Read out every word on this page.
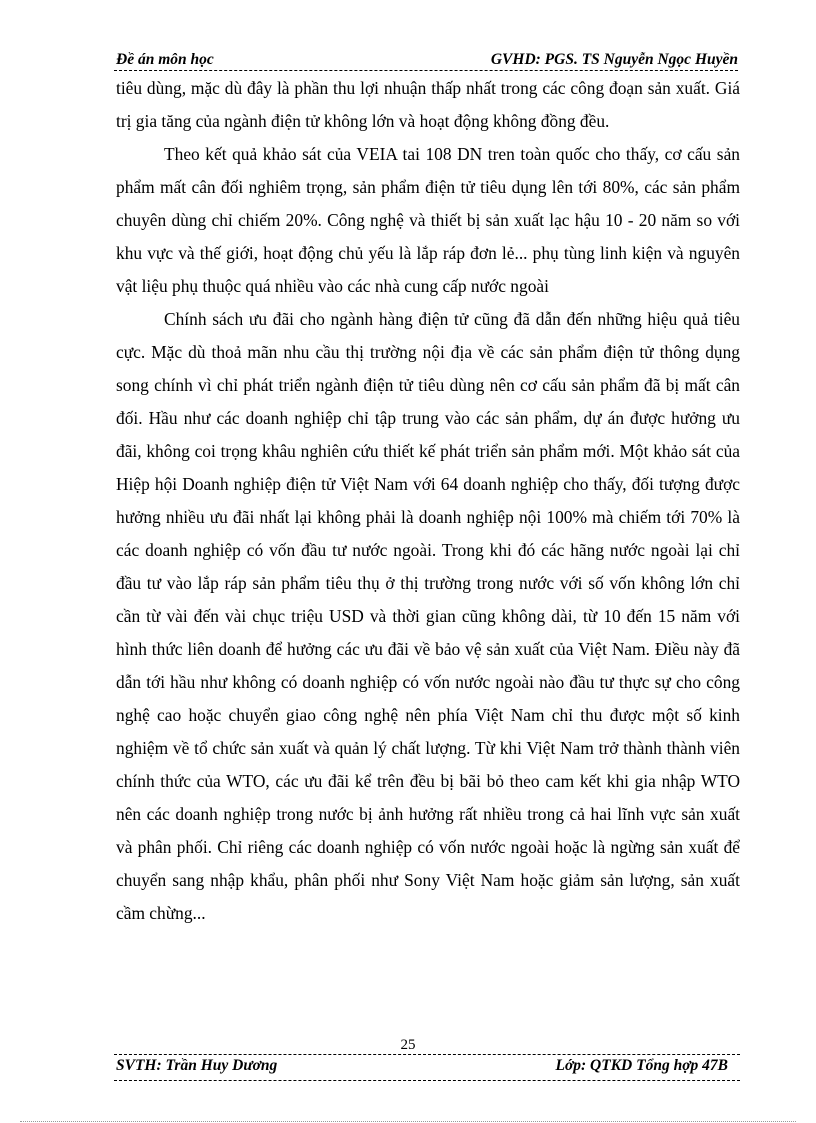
Đề án môn học	GVHD: PGS. TS Nguyễn Ngọc Huyền

tiêu dùng, mặc dù đây là phần thu lợi nhuận thấp nhất trong các công đoạn sản xuất. Giá trị gia tăng của ngành điện tử không lớn và hoạt động không đồng đều.

Theo kết quả khảo sát của VEIA tai 108 DN tren toàn quốc cho thấy, cơ cấu sản phẩm mất cân đối nghiêm trọng, sản phẩm điện tử tiêu dụng lên tới 80%, các sản phẩm chuyên dùng chỉ chiếm 20%. Công nghệ và thiết bị sản xuất lạc hậu 10 - 20 năm so với khu vực và thế giới, hoạt động chủ yếu là lắp ráp đơn lẻ... phụ tùng linh kiện và nguyên vật liệu phụ thuộc quá nhiều vào các nhà cung cấp nước ngoài

Chính sách ưu đãi cho ngành hàng điện tử cũng đã dẫn đến những hiệu quả tiêu cực. Mặc dù thoả mãn nhu cầu thị trường nội địa về các sản phẩm điện tử thông dụng song chính vì chỉ phát triển ngành điện tử tiêu dùng nên cơ cấu sản phẩm đã bị mất cân đối. Hầu như các doanh nghiệp chỉ tập trung vào các sản phẩm, dự án được hưởng ưu đãi, không coi trọng khâu nghiên cứu thiết kế phát triển sản phẩm mới. Một khảo sát của Hiệp hội Doanh nghiệp điện tử Việt Nam với 64 doanh nghiệp cho thấy, đối tượng được hưởng nhiều ưu đãi nhất lại không phải là doanh nghiệp nội 100% mà chiếm tới 70% là các doanh nghiệp có vốn đầu tư nước ngoài. Trong khi đó các hãng nước ngoài lại chỉ đầu tư vào lắp ráp sản phẩm tiêu thụ ở thị trường trong nước với số vốn không lớn chỉ cần từ vài đến vài chục triệu USD và thời gian cũng không dài, từ 10 đến 15 năm với hình thức liên doanh để hưởng các ưu đãi về bảo vệ sản xuất của Việt Nam. Điều này đã dẫn tới hầu như không có doanh nghiệp có vốn nước ngoài nào đầu tư thực sự cho công nghệ cao hoặc chuyển giao công nghệ nên phía Việt Nam chỉ thu được một số kinh nghiệm về tổ chức sản xuất và quản lý chất lượng. Từ khi Việt Nam trở thành thành viên chính thức của WTO, các ưu đãi kể trên đều bị bãi bỏ theo cam kết khi gia nhập WTO nên các doanh nghiệp trong nước bị ảnh hưởng rất nhiều trong cả hai lĩnh vực sản xuất và phân phối. Chỉ riêng các doanh nghiệp có vốn nước ngoài hoặc là ngừng sản xuất để chuyển sang nhập khẩu, phân phối như Sony Việt Nam hoặc giảm sản lượng, sản xuất cầm chừng...

25
SVTH: Trần Huy Dương	Lớp: QTKD Tổng hợp 47B
